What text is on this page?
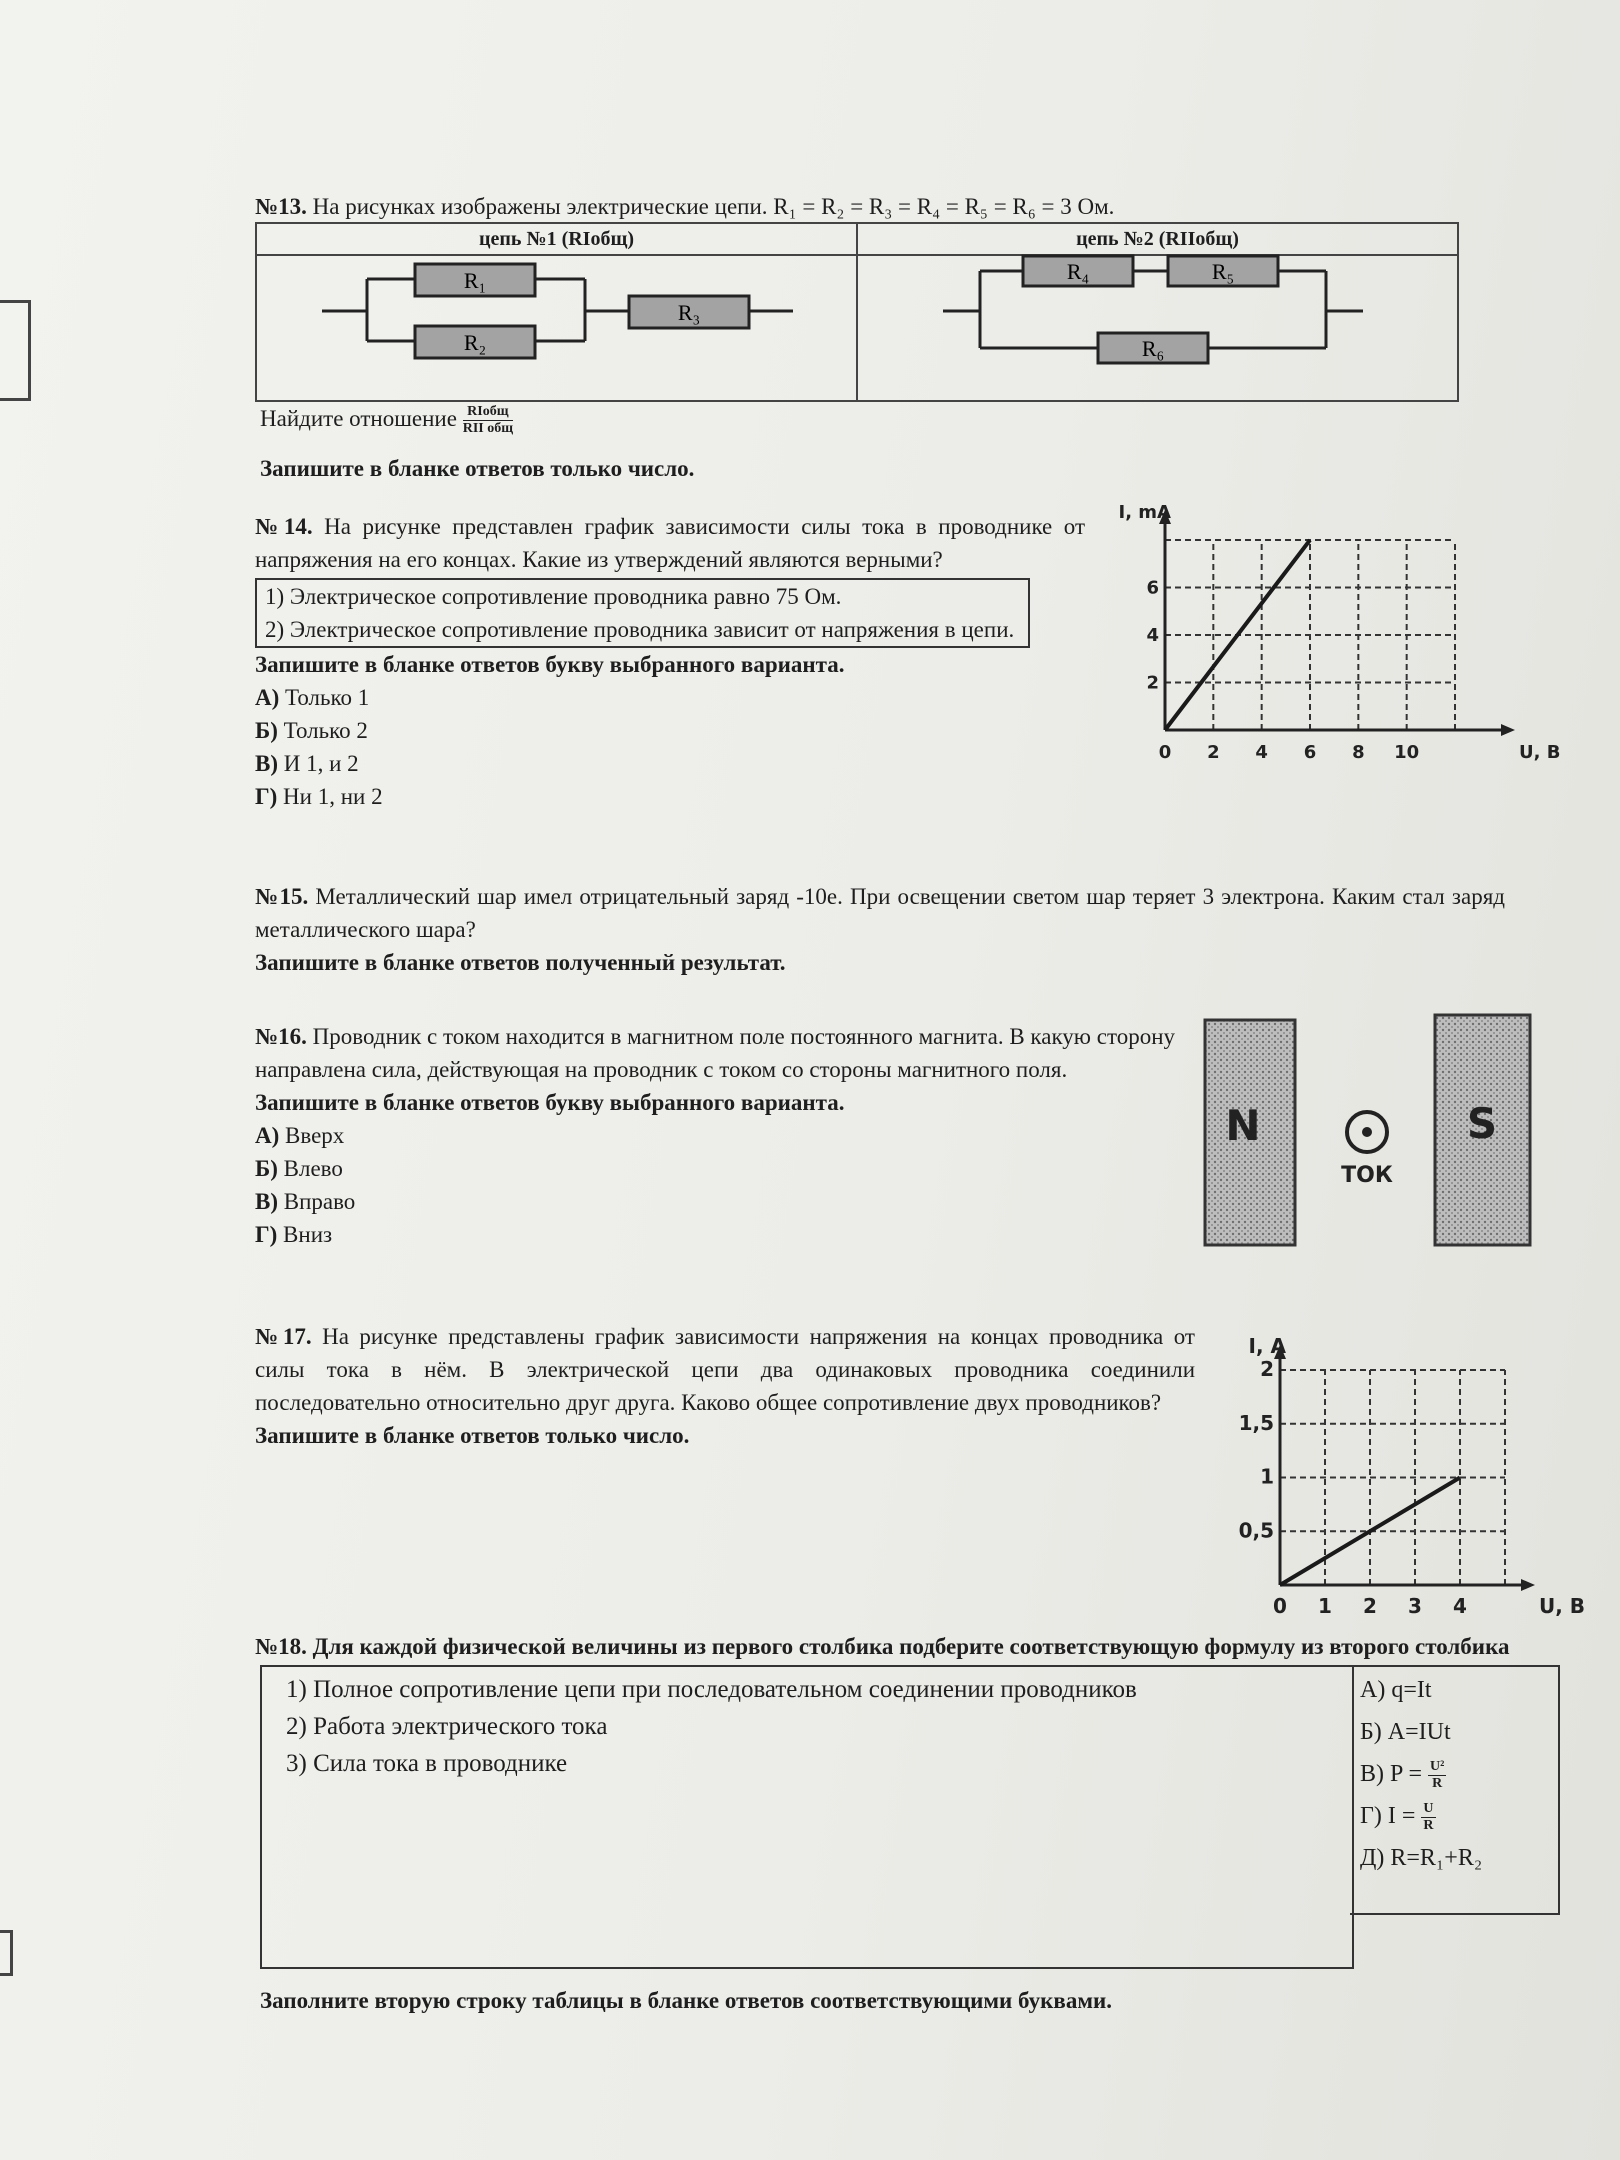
№13. На рисунках изображены электрические цепи. R₁ = R₂ = R₃ = R₄ = R₅ = R₆ = 3 Ом.
цепь №1 (RIобщ)
R₁
R₂
R₃
цепь №2 (RIIобщ)
R₄	R₅
R₆
Найдите отношение $\frac{\text{RIобщ}}{\text{RII общ}}$
Запишите в бланке ответов только число.
№14. На рисунке представлен график зависимости силы тока в проводнике от напряжения на его концах. Какие из утверждений являются верными?
1) Электрическое сопротивление проводника равно 75 Ом.
2) Электрическое сопротивление проводника зависит от напряжения в цепи.
Запишите в бланке ответов букву выбранного варианта.
А) Только 1
Б) Только 2
В) И 1, и 2
Г) Ни 1, ни 2
№15. Металлический шар имел отрицательный заряд -10e. При освещении светом шар теряет 3 электрона. Каким стал заряд металлического шара?
Запишите в бланке ответов полученный результат.
№16. Проводник с током находится в магнитном поле постоянного магнита. В какую сторону направлена сила, действующая на проводник с током со стороны магнитного поля.
Запишите в бланке ответов букву выбранного варианта.
А) Вверх
Б) Влево
В) Вправо
Г) Вниз
№17. На рисунке представлены график зависимости напряжения на концах проводника от силы тока в нём. В электрической цепи два одинаковых проводника соединили последовательно относительно друг друга. Каково общее сопротивление двух проводников?
Запишите в бланке ответов только число.
№18. Для каждой физической величины из первого столбика подберите соответствующую формулу из второго столбика
1) Полное сопротивление цепи при последовательном соединении проводников
2) Работа электрического тока
3) Сила тока в проводнике
А) q=It
Б) A=IUt
В) $P = \frac{\text{U²}}{R}$
Г) $I = \frac{U}{R}$
Д) R=R₁+R₂
Заполните вторую строку таблицы в бланке ответов соответствующими буквами.
0 2 4 6 8 10
2
4
6
U, В
I, mA
N	S
ТОК
0 1 2 3 4
0,5
1
1,5
2
U, В
I, A
